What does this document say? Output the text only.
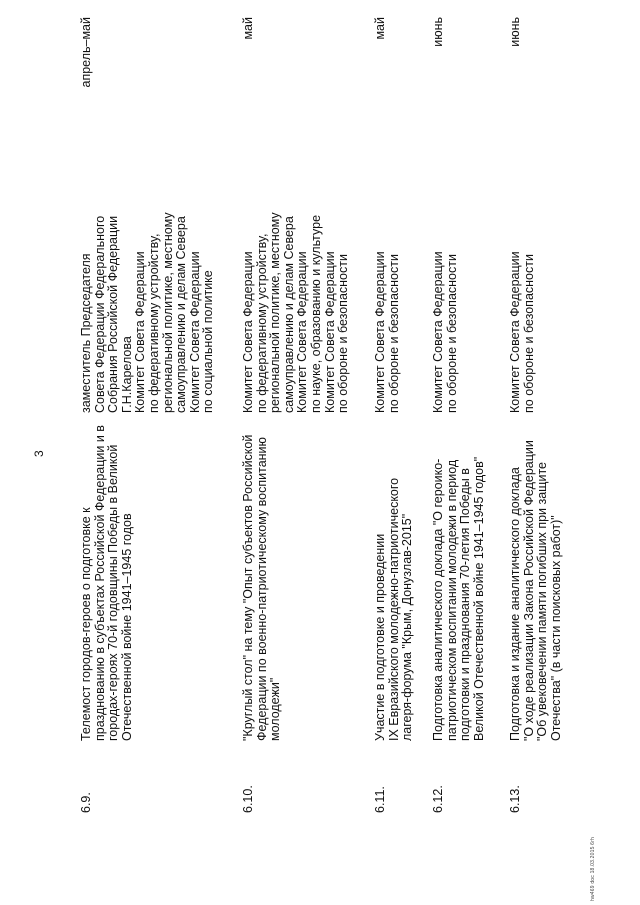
3
6.9.
Телемост городов-героев о подготовке к
празднованию в субъектах Российской Федерации и в
городах-героях 70-й годовщины Победы в Великой
Отечественной войне 1941–1945 годов
заместитель Председателя
Совета Федерации Федерального
Собрания Российской Федерации
Г.Н.Карелова
Комитет Совета Федерации
по федеративному устройству,
региональной политике, местному
самоуправлению и делам Севера
Комитет Совета Федерации
по социальной политике
апрель–май
6.10.
"Круглый стол" на тему "Опыт субъектов Российской
Федерации по военно-патриотическому воспитанию
молодежи"
Комитет Совета Федерации
по федеративному устройству,
региональной политике, местному
самоуправлению и делам Севера
Комитет Совета Федерации
по науке, образованию и культуре
Комитет Совета Федерации
по обороне и безопасности
май
6.11.
Участие в подготовке и проведении
IX Евразийского молодежно-патриотического
лагеря-форума "Крым, Донузлав-2015"
Комитет Совета Федерации
по обороне и безопасности
май
6.12.
Подготовка аналитического доклада "О героико-
патриотическом воспитании молодежи в период
подготовки и празднования 70-летия Победы в
Великой Отечественной войне 1941–1945 годов"
Комитет Совета Федерации
по обороне и безопасности
июнь
6.13.
Подготовка и издание аналитического доклада
"О ходе реализации Закона Российской Федерации
"Об увековечении памяти погибших при защите
Отечества" (в части поисковых работ)"
Комитет Совета Федерации
по обороне и безопасности
июнь
hw469 doc 18.03.2015 6rh
